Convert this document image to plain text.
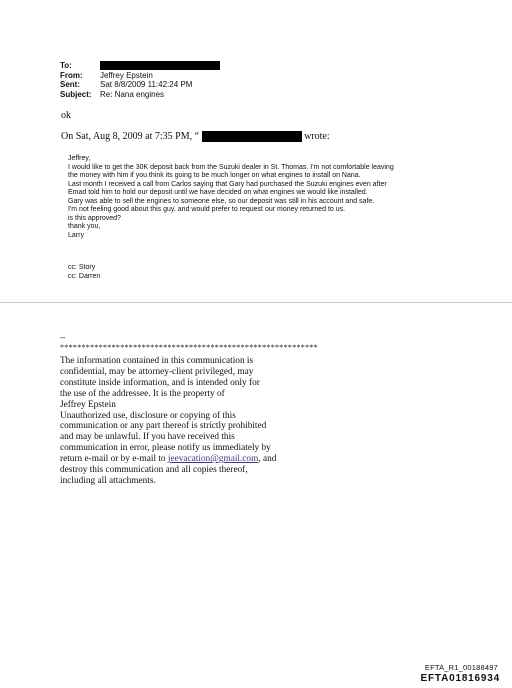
To:
From:	Jeffrey Epstein
Sent:	Sat 8/8/2009 11:42:24 PM
Subject:	Re: Nana engines
ok
On Sat, Aug 8, 2009 at 7:35 PM, “	wrote:
Jeffrey,
I would like to get the 30K deposit back from the Suzuki dealer in St. Thomas. I'm not comfortable leaving
the money with him if you think its going to be much longer on what engines to install on Nana.
Last month I received a call from Carlos saying that Gary had purchased the Suzuki engines even after
Emad told him to hold our deposit until we have decided on what engines we would like installed.
Gary was able to sell the engines to someone else, so our deposit was still in his account and safe.
I'm not feeling good about this guy, and would prefer to request our money returned to us.
is this approved?
thank you,
Larry
cc: Story
cc: Darren
--
************************************************************
The information contained in this communication is
confidential, may be attorney-client privileged, may
constitute inside information, and is intended only for
the use of the addressee. It is the property of
Jeffrey Epstein
Unauthorized use, disclosure or copying of this
communication or any part thereof is strictly prohibited
and may be unlawful. If you have received this
communication in error, please notify us immediately by
return e-mail or by e-mail to jeevacation@gmail.com, and
destroy this communication and all copies thereof,
including all attachments.
EFTA_R1_00188497
EFTA01816934
